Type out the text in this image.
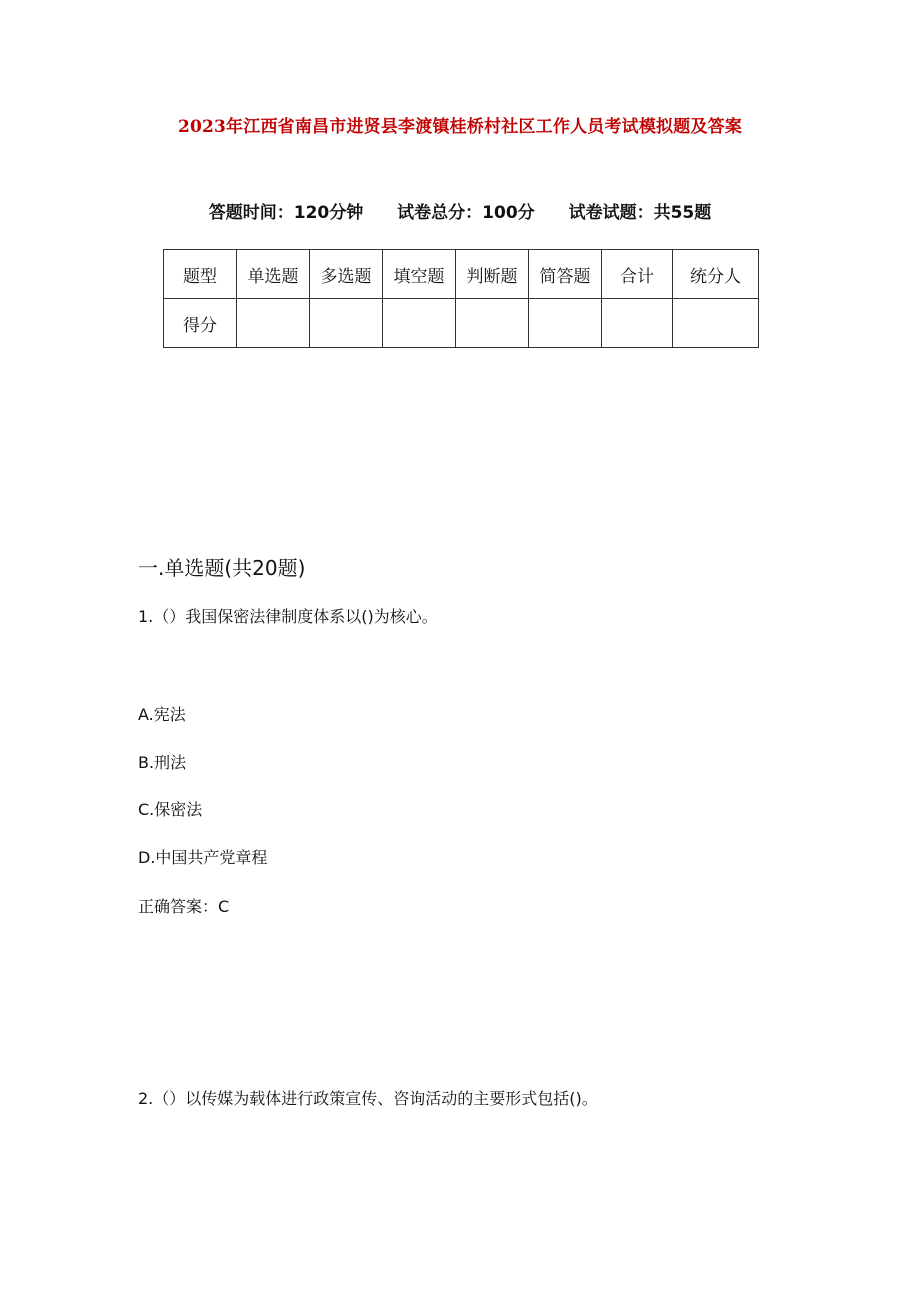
2023年江西省南昌市进贤县李渡镇桂桥村社区工作人员考试模拟题及答案
答题时间：120分钟 试卷总分：100分 试卷试题：共55题
题型	单选题	多选题	填空题	判断题	简答题	合计	统分人
得分							
一.单选题(共20题)
1.（）我国保密法律制度体系以()为核心。
A.宪法
B.刑法
C.保密法
D.中国共产党章程
正确答案：C
2.（）以传媒为载体进行政策宣传、咨询活动的主要形式包括()。
